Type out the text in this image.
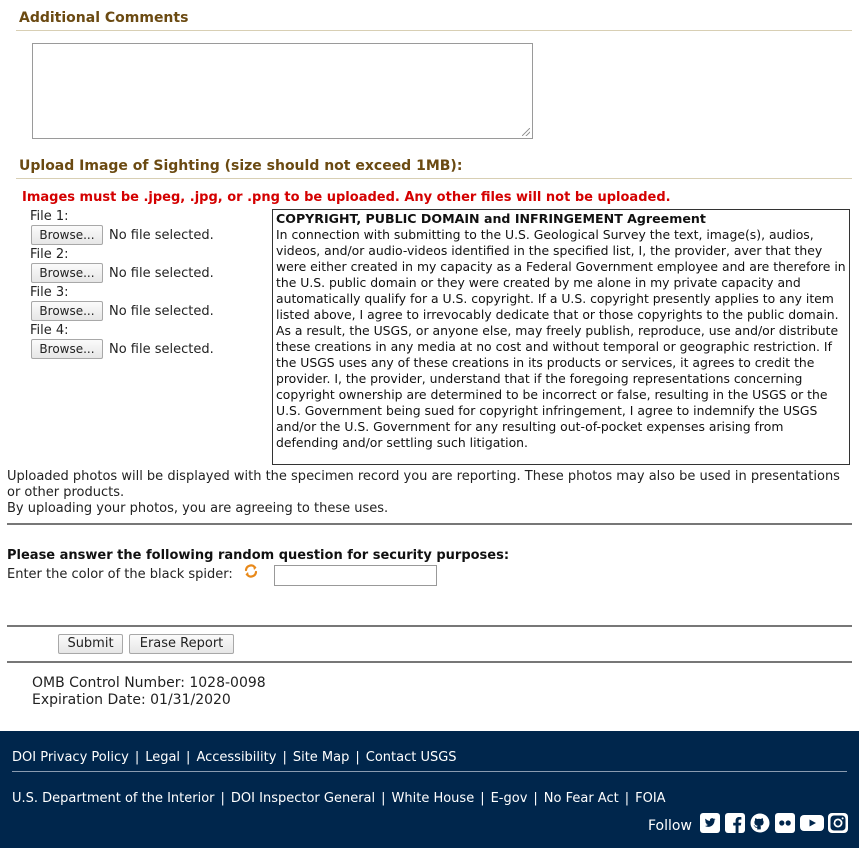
Additional Comments
Upload Image of Sighting (size should not exceed 1MB):
Images must be .jpeg, .jpg, or .png to be uploaded. Any other files will not be uploaded.
File 1:
Browse...	No file selected.
File 2:
Browse...	No file selected.
File 3:
Browse...	No file selected.
File 4:
Browse...	No file selected.
COPYRIGHT, PUBLIC DOMAIN and INFRINGEMENT Agreement

In connection with submitting to the U.S. Geological Survey the text, image(s), audios, videos, and/or audio-videos identified in the specified list, I, the provider, aver that they were either created in my capacity as a Federal Government employee and are therefore in the U.S. public domain or they were created by me alone in my private capacity and automatically qualify for a U.S. copyright. If a U.S. copyright presently applies to any item listed above, I agree to irrevocably dedicate that or those copyrights to the public domain. As a result, the USGS, or anyone else, may freely publish, reproduce, use and/or distribute these creations in any media at no cost and without temporal or geographic restriction. If the USGS uses any of these creations in its products or services, it agrees to credit the provider. I, the provider, understand that if the foregoing representations concerning copyright ownership are determined to be incorrect or false, resulting in the USGS or the U.S. Government being sued for copyright infringement, I agree to indemnify the USGS and/or the U.S. Government for any resulting out-of-pocket expenses arising from defending and/or settling such litigation.

Uploaded photos will be displayed with the specimen record you are reporting. These photos may also be used in presentations or other products.
By uploading your photos, you are agreeing to these uses.
Please answer the following random question for security purposes:
Enter the color of the black spider:
Submit	Erase Report
OMB Control Number: 1028-0098
Expiration Date: 01/31/2020
DOI Privacy Policy | Legal | Accessibility | Site Map | Contact USGS
U.S. Department of the Interior | DOI Inspector General | White House | E-gov | No Fear Act | FOIA
Follow
